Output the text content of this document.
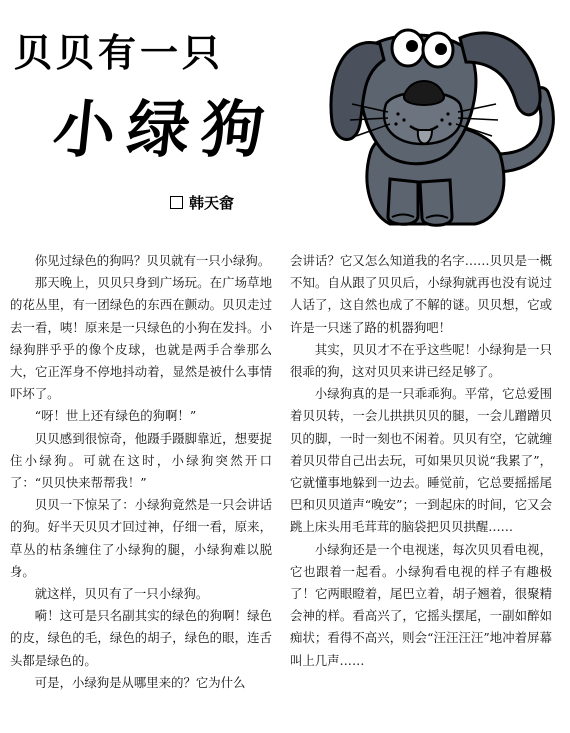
贝贝有一只
小绿狗
韩天畲

你见过绿色的狗吗？贝贝就有一只小绿狗。

那天晚上，贝贝只身到广场玩。在广场草地的花丛里，有一团绿色的东西在颤动。贝贝走过去一看，咦！原来是一只绿色的小狗在发抖。小绿狗胖乎乎的像个皮球，也就是两手合拳那么大，它正浑身不停地抖动着，显然是被什么事情吓坏了。

“呀！世上还有绿色的狗啊！”

贝贝感到很惊奇，他蹑手蹑脚靠近，想要捉住小绿狗。可就在这时，小绿狗突然开口了：“贝贝快来帮帮我！”

贝贝一下惊呆了：小绿狗竟然是一只会讲话的狗。好半天贝贝才回过神，仔细一看，原来，草丛的枯条缠住了小绿狗的腿，小绿狗难以脱身。

就这样，贝贝有了一只小绿狗。

嗬！这可是只名副其实的绿色的狗啊！绿色的皮，绿色的毛，绿色的胡子，绿色的眼，连舌头都是绿色的。

可是，小绿狗是从哪里来的？它为什么

会讲话？它又怎么知道我的名字……贝贝是一概不知。自从跟了贝贝后，小绿狗就再也没有说过人话了，这自然也成了不解的谜。贝贝想，它或许是一只迷了路的机器狗吧！

其实，贝贝才不在乎这些呢！小绿狗是一只很乖的狗，这对贝贝来讲已经足够了。

小绿狗真的是一只乖乖狗。平常，它总爱围着贝贝转，一会儿拱拱贝贝的腿，一会儿蹭蹭贝贝的脚，一时一刻也不闲着。贝贝有空，它就缠着贝贝带自己出去玩，可如果贝贝说“我累了”，它就懂事地躲到一边去。睡觉前，它总要摇摇尾巴和贝贝道声“晚安”；一到起床的时间，它又会跳上床头用毛茸茸的脑袋把贝贝拱醒……

小绿狗还是一个电视迷，每次贝贝看电视，它也跟着一起看。小绿狗看电视的样子有趣极了！它两眼瞪着，尾巴立着，胡子翘着，很聚精会神的样。看高兴了，它摇头摆尾，一副如醉如痴状；看得不高兴，则会“汪汪汪汪”地冲着屏幕叫上几声……
